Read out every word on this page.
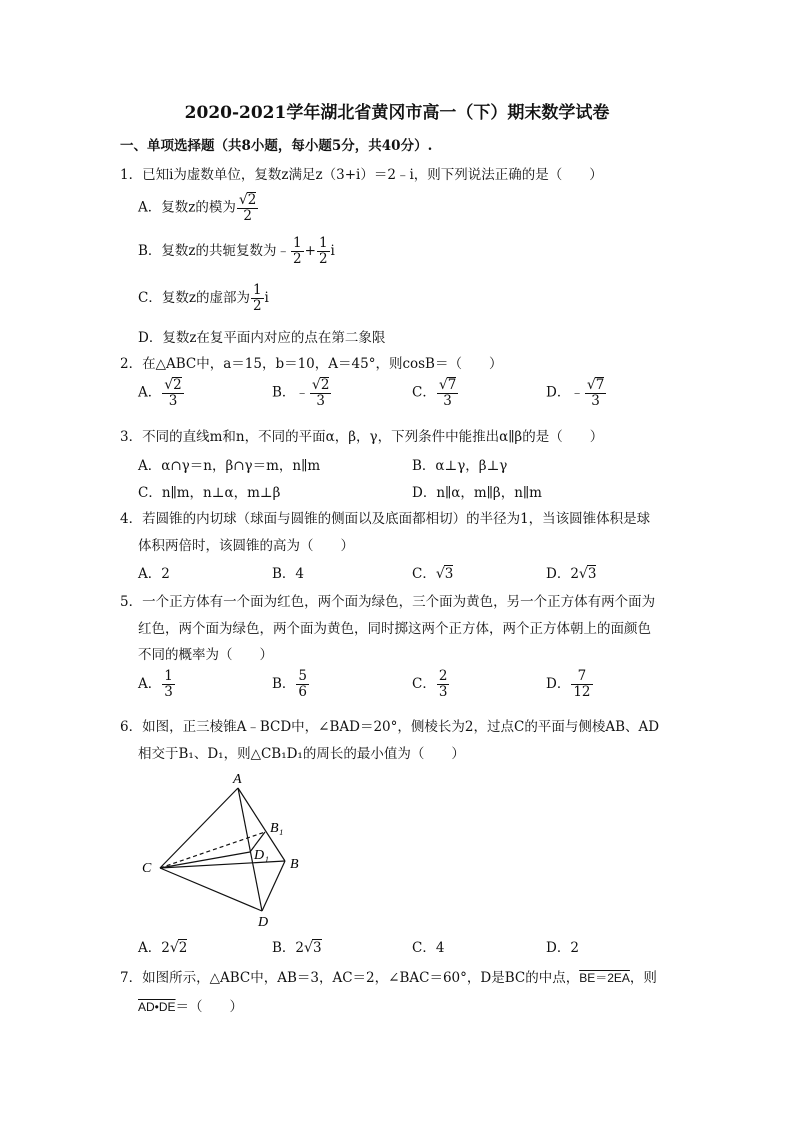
2020-2021学年湖北省黄冈市高一（下）期末数学试卷
一、单项选择题（共8小题，每小题5分，共40分）.
1．已知i为虚数单位，复数z满足z（3+i）＝2﹣i，则下列说法正确的是（　　）
A．复数z的模为 $\frac{√2}{2}$
B．复数z的共轭复数为﹣ $\frac{1}{2} + \frac{1}{2}$ i
C．复数z的虚部为 $\frac{1}{2}$ i
D．复数z在复平面内对应的点在第二象限
2．在△ABC中，a＝15，b＝10，A＝45°，则cosB＝（　　）
A． $\frac{√2}{3}$	B．﹣ $\frac{√2}{3}$	C． $\frac{√7}{3}$	D．﹣ $\frac{√7}{3}$
3．不同的直线m和n，不同的平面α，β，γ，下列条件中能推出α∥β的是（　　）
A．α∩γ＝n，β∩γ＝m，n∥m	B．α⊥γ，β⊥γ
C．n∥m，n⊥α，m⊥β	D．n∥α，m∥β，n∥m
4．若圆锥的内切球（球面与圆锥的侧面以及底面都相切）的半径为1，当该圆锥体积是球
体积两倍时，该圆锥的高为（　　）
A．2	B．4	C．√3	D．2√3
5．一个正方体有一个面为红色，两个面为绿色，三个面为黄色，另一个正方体有两个面为
红色，两个面为绿色，两个面为黄色，同时掷这两个正方体，两个正方体朝上的面颜色
不同的概率为（　　）
A． $\frac{1}{3}$	B． $\frac{5}{6}$	C． $\frac{2}{3}$	D． $\frac{7}{12}$
6．如图，正三棱锥A﹣BCD中，∠BAD＝20°，侧棱长为2，过点C的平面与侧棱AB、AD
相交于B₁、D₁，则△CB₁D₁的周长的最小值为（　　）
A
B₁
D₁
B
C
D
A．2√2	B．2√3	C．4	D．2
7．如图所示，△ABC中，AB＝3，AC＝2，∠BAC＝60°，D是BC的中点，BE＝2EA，则
AD•DE＝（　　）
